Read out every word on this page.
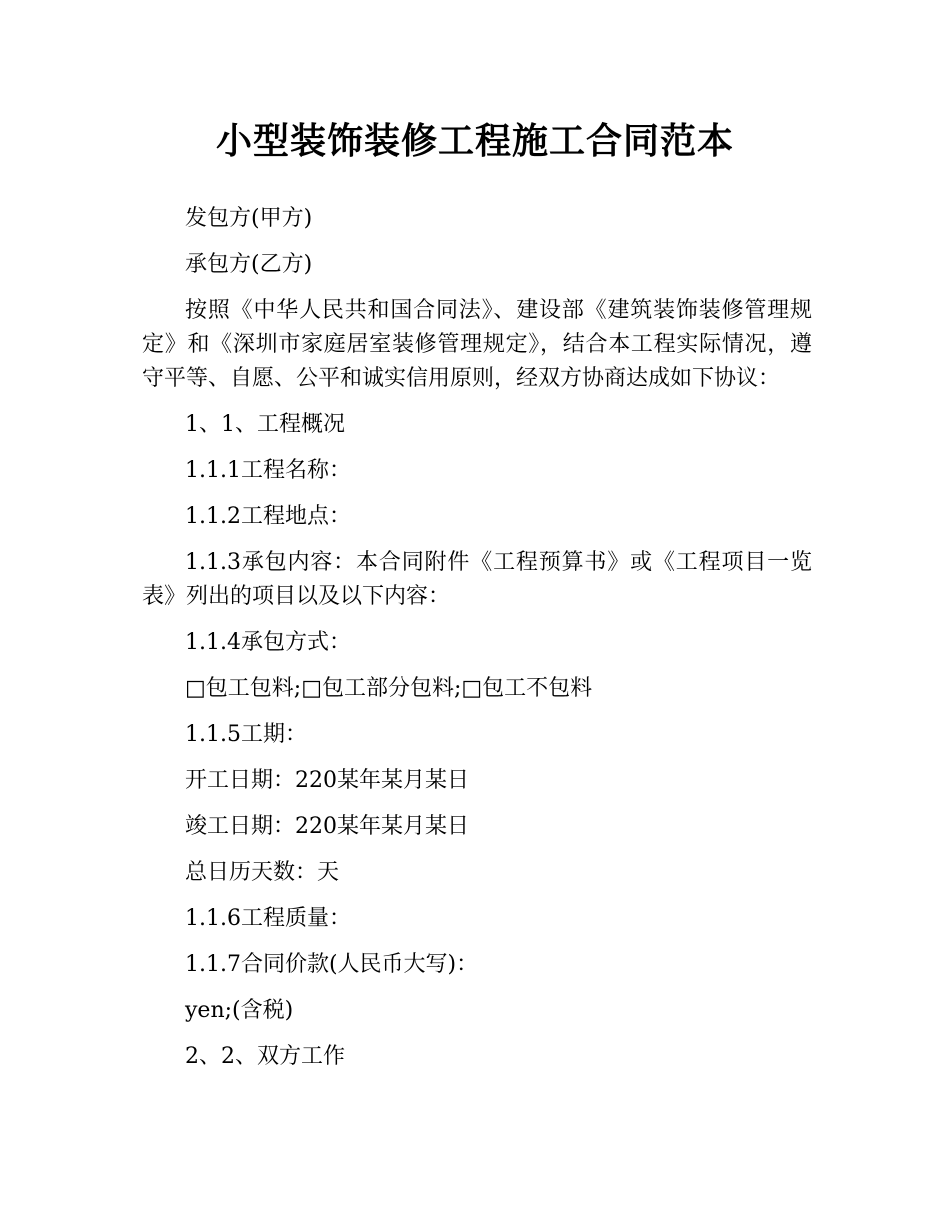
小型装饰装修工程施工合同范本

发包方(甲方)

承包方(乙方)

按照《中华人民共和国合同法》、建设部《建筑装饰装修管理规定》和《深圳市家庭居室装修管理规定》，结合本工程实际情况，遵守平等、自愿、公平和诚实信用原则，经双方协商达成如下协议：

1、1、工程概况

1.1.1工程名称：

1.1.2工程地点：

1.1.3承包内容：本合同附件《工程预算书》或《工程项目一览表》列出的项目以及以下内容：

1.1.4承包方式：

□包工包料;□包工部分包料;□包工不包料

1.1.5工期：

开工日期：220某年某月某日

竣工日期：220某年某月某日

总日历天数：天

1.1.6工程质量：

1.1.7合同价款(人民币大写)：

yen;(含税)

2、2、双方工作
